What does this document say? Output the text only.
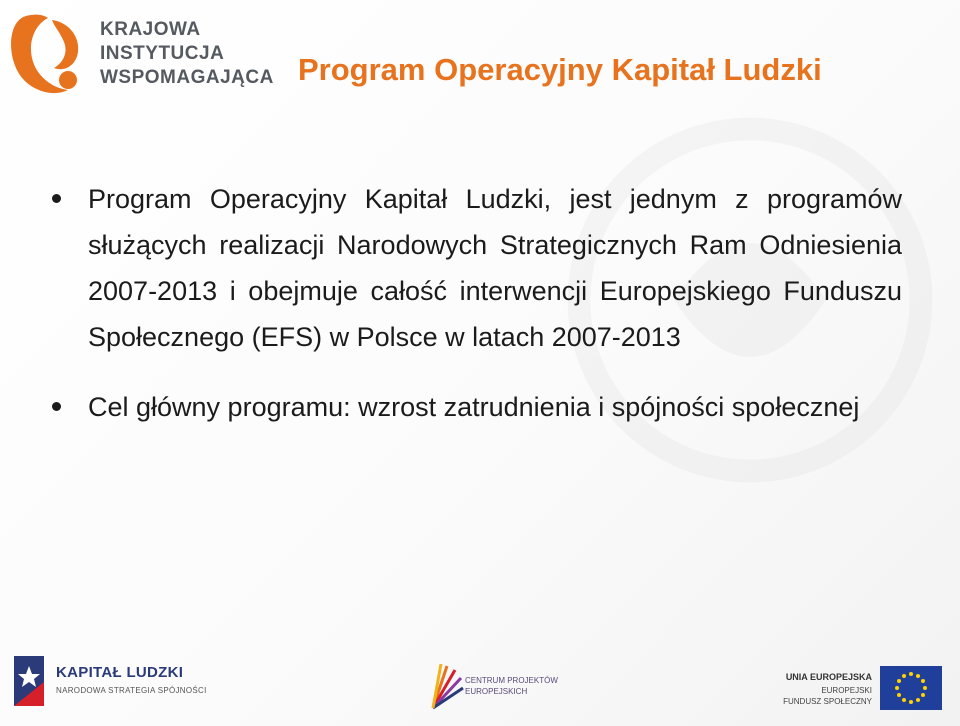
KRAJOWA
INSTYTUCJA
WSPOMAGAJĄCA Program Operacyjny Kapitał Ludzki
Program Operacyjny Kapitał Ludzki, jest jednym z programów służących realizacji Narodowych Strategicznych Ram Odniesienia 2007-2013 i obejmuje całość interwencji Europejskiego Funduszu Społecznego (EFS) w Polsce w latach 2007-2013
Cel główny programu: wzrost zatrudnienia i spójności społecznej
KAPITAŁ LUDZKI
NARODOWA STRATEGIA SPÓJNOŚCI
CENTRUM PROJEKTÓW
EUROPEJSKICH
UNIA EUROPEJSKA
EUROPEJSKI
FUNDUSZ SPOŁECZNY
